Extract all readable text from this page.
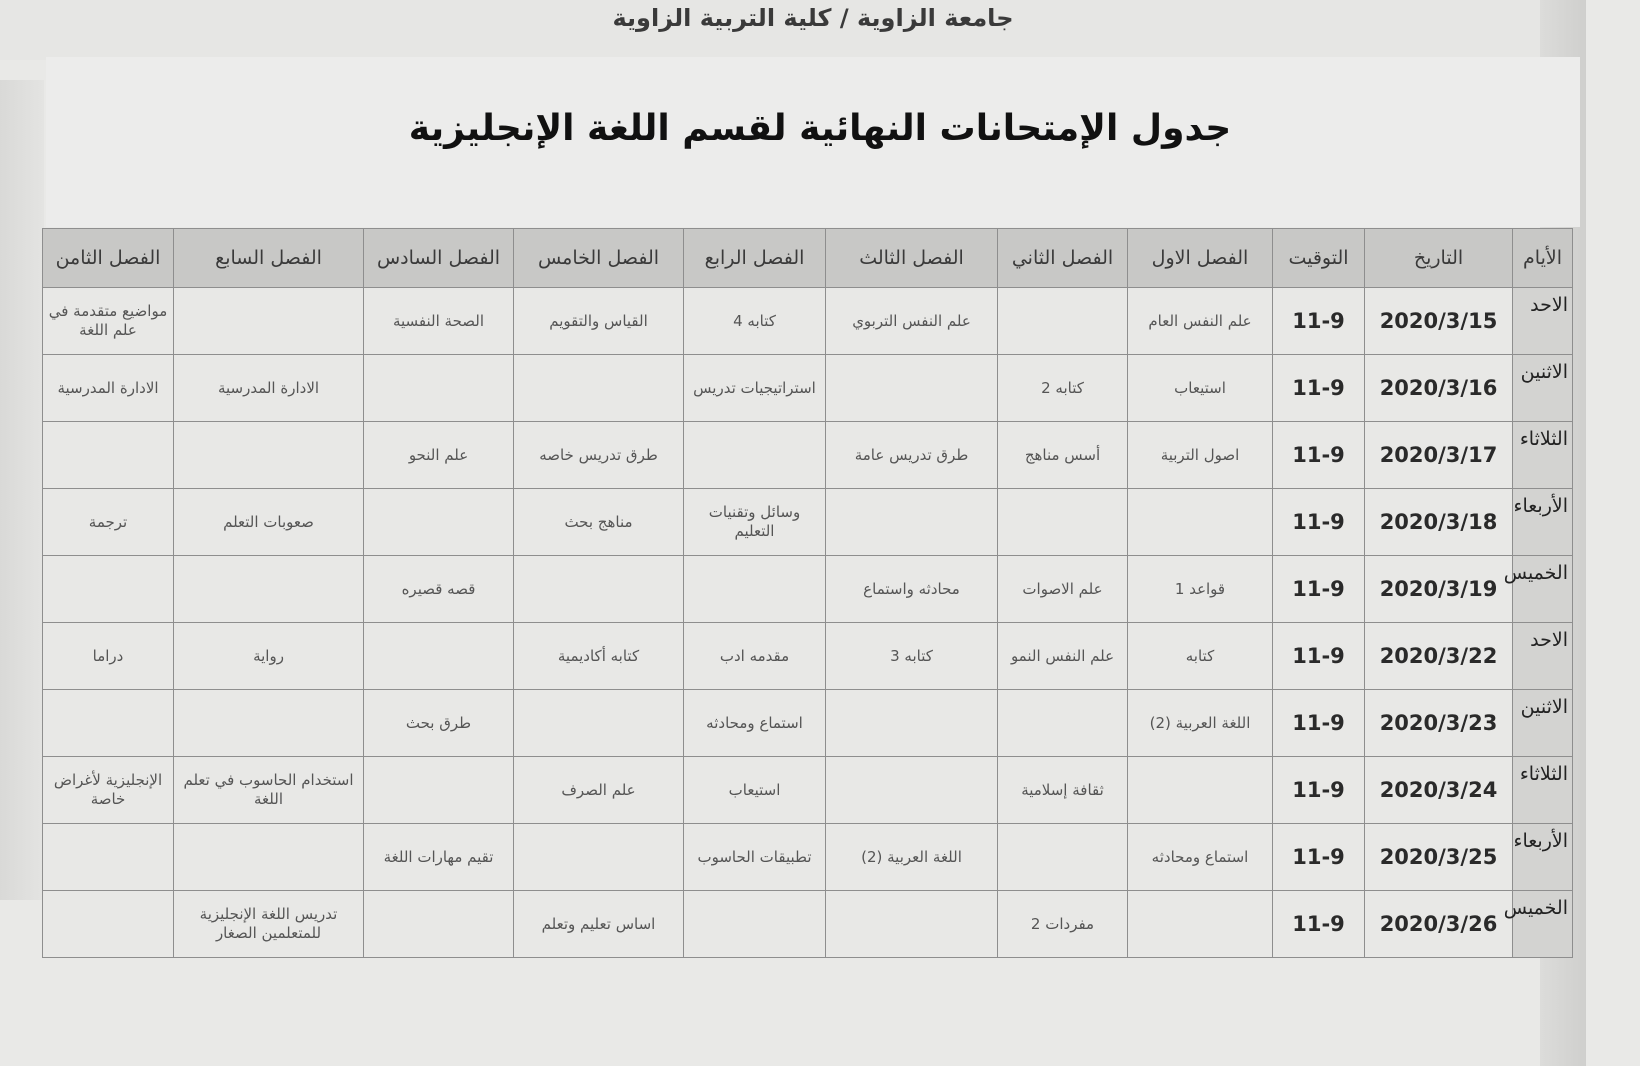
جامعة الزاوية / كلية التربية الزاوية
جدول الإمتحانات النهائية لقسم اللغة الإنجليزية
الأيام	التاريخ	التوقيت	الفصل الاول	الفصل الثاني	الفصل الثالث	الفصل الرابع	الفصل الخامس	الفصل السادس	الفصل السابع	الفصل الثامن
الاحد	2020/3/15	11-9	علم النفس العام		علم النفس التربوي	كتابه 4	القياس والتقويم	الصحة النفسية		مواضيع متقدمة في علم اللغة
الاثنين	2020/3/16	11-9	استيعاب	كتابه 2		استراتيجيات تدريس			الادارة المدرسية	الادارة المدرسية
الثلاثاء	2020/3/17	11-9	اصول التربية	أسس مناهج	طرق تدريس عامة		طرق تدريس خاصه	علم النحو		
الأربعاء	2020/3/18	11-9				وسائل وتقنيات التعليم	مناهج بحث		صعوبات التعلم	ترجمة
الخميس	2020/3/19	11-9	قواعد 1	علم الاصوات	محادثه واستماع			قصه قصيره		
الاحد	2020/3/22	11-9	كتابه	علم النفس النمو	كتابه 3	مقدمه ادب	كتابه أكاديمية		رواية	دراما
الاثنين	2020/3/23	11-9	اللغة العربية (2)			استماع ومحادثه		طرق بحث		
الثلاثاء	2020/3/24	11-9		ثقافة إسلامية		استيعاب	علم الصرف		استخدام الحاسوب في تعلم اللغة	الإنجليزية لأغراض خاصة
الأربعاء	2020/3/25	11-9	استماع ومحادثه		اللغة العربية (2)	تطبيقات الحاسوب		تقيم مهارات اللغة		
الخميس	2020/3/26	11-9		مفردات 2			اساس تعليم وتعلم		تدريس اللغة الإنجليزية للمتعلمين الصغار	
